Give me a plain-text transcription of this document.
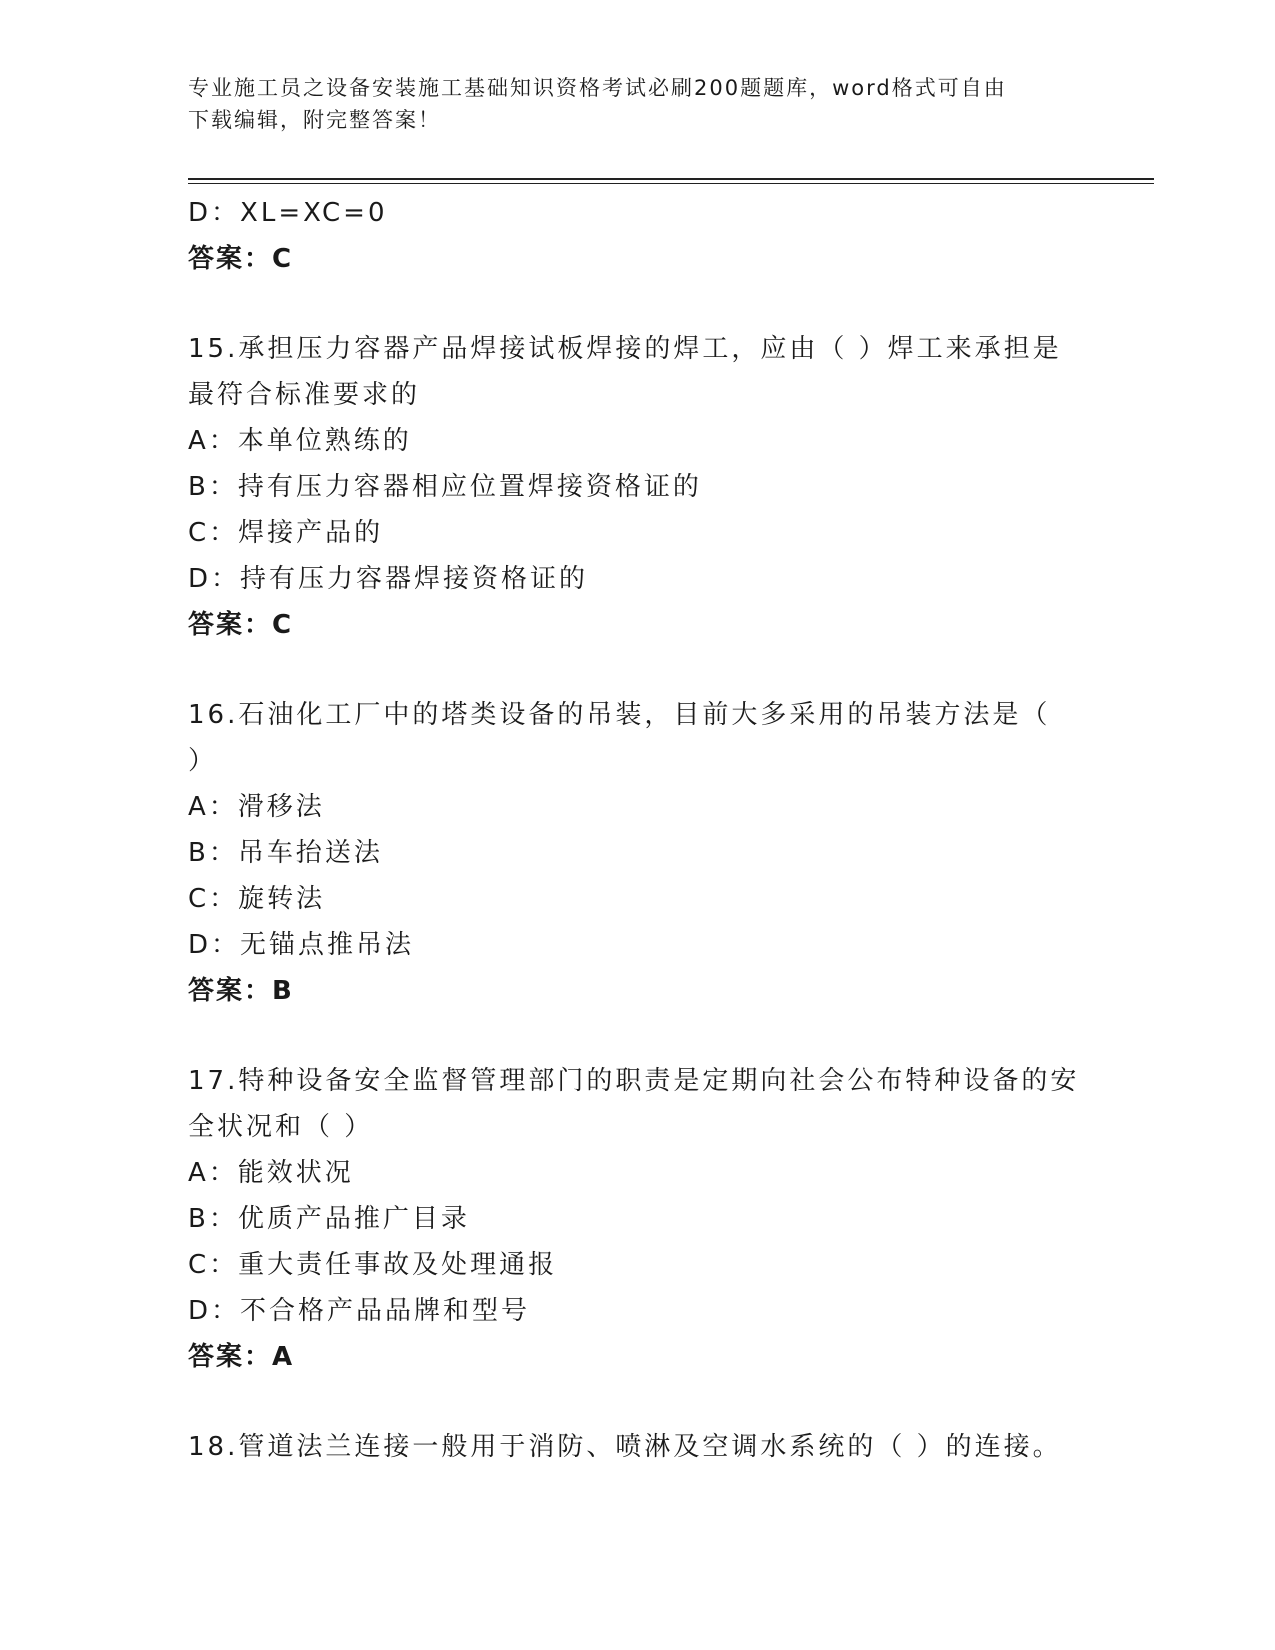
专业施工员之设备安装施工基础知识资格考试必刷200题题库，word格式可自由
下载编辑，附完整答案！
D：XL=XC=0
答案：C
15.承担压力容器产品焊接试板焊接的焊工，应由（ ）焊工来承担是
最符合标准要求的
A：本单位熟练的
B：持有压力容器相应位置焊接资格证的
C：焊接产品的
D：持有压力容器焊接资格证的
答案：C
16.石油化工厂中的塔类设备的吊装，目前大多采用的吊装方法是（
）
A：滑移法
B：吊车抬送法
C：旋转法
D：无锚点推吊法
答案：B
17.特种设备安全监督管理部门的职责是定期向社会公布特种设备的安
全状况和（ ）
A：能效状况
B：优质产品推广目录
C：重大责任事故及处理通报
D：不合格产品品牌和型号
答案：A
18.管道法兰连接一般用于消防、喷淋及空调水系统的（ ）的连接。
